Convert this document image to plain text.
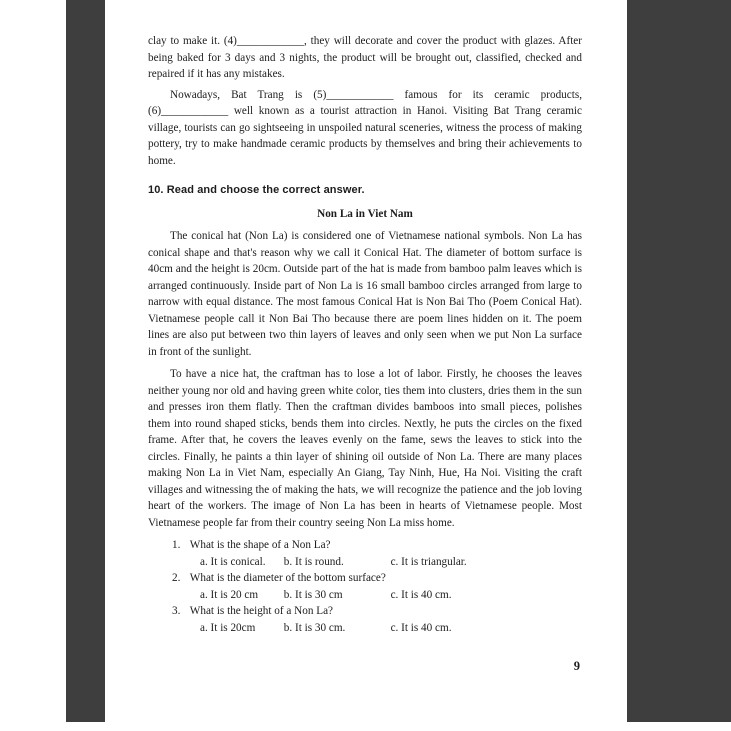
clay to make it. (4)____________, they will decorate and cover the product with glazes. After being baked for 3 days and 3 nights, the product will be brought out, classified, checked and repaired if it has any mistakes.

Nowadays, Bat Trang is (5)____________ famous for its ceramic products, (6)____________ well known as a tourist attraction in Hanoi. Visiting Bat Trang ceramic village, tourists can go sightseeing in unspoiled natural sceneries, witness the process of making pottery, try to make handmade ceramic products by themselves and bring their achievements to home.

10. Read and choose the correct answer.
Non La in Viet Nam

The conical hat (Non La) is considered one of Vietnamese national symbols. Non La has conical shape and that's reason why we call it Conical Hat. The diameter of bottom surface is 40cm and the height is 20cm. Outside part of the hat is made from bamboo palm leaves which is arranged continuously. Inside part of Non La is 16 small bamboo circles arranged from large to narrow with equal distance. The most famous Conical Hat is Non Bai Tho (Poem Conical Hat). Vietnamese people call it Non Bai Tho because there are poem lines hidden on it. The poem lines are also put between two thin layers of leaves and only seen when we put Non La surface in front of the sunlight.

To have a nice hat, the craftman has to lose a lot of labor. Firstly, he chooses the leaves neither young nor old and having green white color, ties them into clusters, dries them in the sun and presses iron them flatly. Then the craftman divides bamboos into small pieces, polishes them into round shaped sticks, bends them into circles. Nextly, he puts the circles on the fixed frame. After that, he covers the leaves evenly on the fame, sews the leaves to stick into the circles. Finally, he paints a thin layer of shining oil outside of Non La. There are many places making Non La in Viet Nam, especially An Giang, Tay Ninh, Hue, Ha Noi. Visiting the craft villages and witnessing the of making the hats, we will recognize the patience and the job loving heart of the workers. The image of Non La has been in hearts of Vietnamese people. Most Vietnamese people far from their country seeing Non La miss home.

1. What is the shape of a Non La?
a. It is conical. b. It is round.	c. It is triangular.
2. What is the diameter of the bottom surface?
a. It is 20 cm b. It is 30 cm	c. It is 40 cm.
3. What is the height of a Non La?
a. It is 20cm	b. It is 30 cm.	c. It is 40 cm.
9
